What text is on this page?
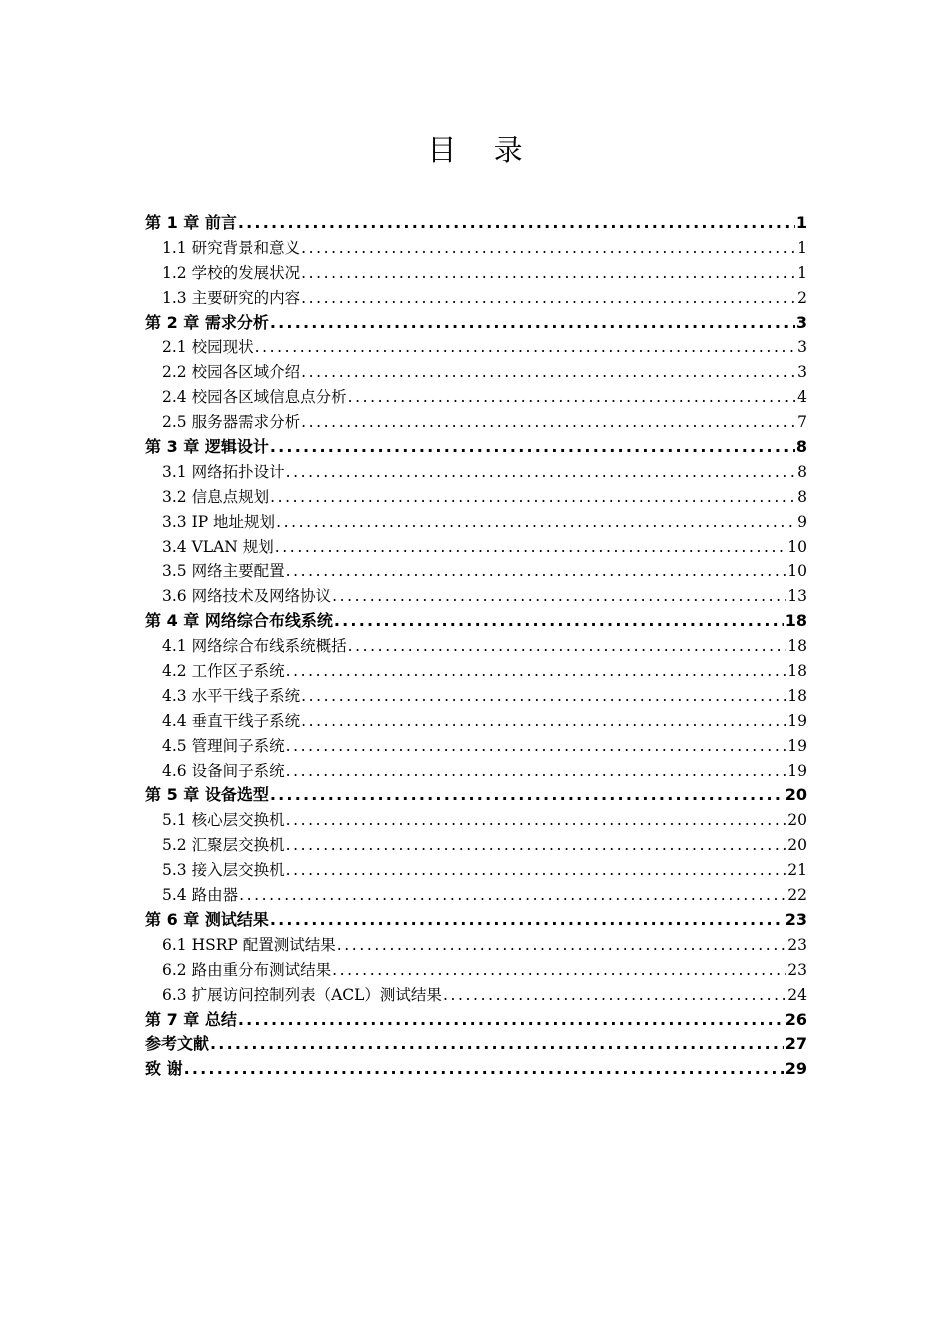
目 录
第 1 章 前言 .....	1
1.1 研究背景和意义 .....	1
1.2 学校的发展状况 .....	1
1.3 主要研究的内容 .....	2
第 2 章 需求分析 .....	3
2.1 校园现状 .....	3
2.2 校园各区域介绍 .....	3
2.4 校园各区域信息点分析 .....	4
2.5 服务器需求分析 .....	7
第 3 章 逻辑设计 .....	8
3.1 网络拓扑设计 .....	8
3.2 信息点规划 .....	8
3.3 IP 地址规划 .....	9
3.4 VLAN 规划 .....	10
3.5 网络主要配置 .....	10
3.6 网络技术及网络协议 .....	13
第 4 章 网络综合布线系统 .....	18
4.1 网络综合布线系统概括 .....	18
4.2 工作区子系统 .....	18
4.3 水平干线子系统 .....	18
4.4 垂直干线子系统 .....	19
4.5 管理间子系统 .....	19
4.6 设备间子系统 .....	19
第 5 章 设备选型 .....	20
5.1 核心层交换机 .....	20
5.2 汇聚层交换机 .....	20
5.3 接入层交换机 .....	21
5.4 路由器 .....	22
第 6 章 测试结果 .....	23
6.1 HSRP 配置测试结果 .....	23
6.2 路由重分布测试结果 .....	23
6.3 扩展访问控制列表（ACL）测试结果 .....	24
第 7 章 总结 .....	26
参考文献 .....	27
致 谢 .....	29
